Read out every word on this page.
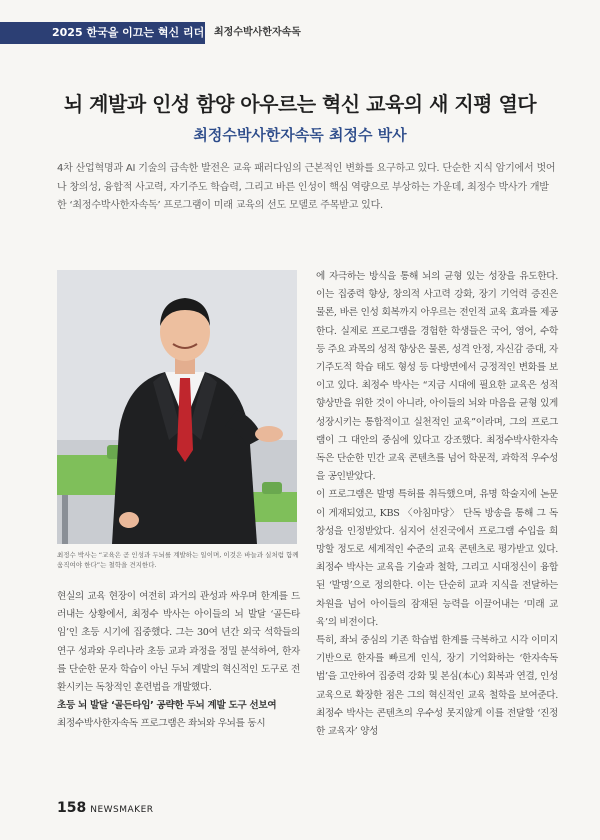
2025 한국을 이끄는 혁신 리더 최정수박사한자속독
뇌 계발과 인성 함양 아우르는 혁신 교육의 새 지평 열다
최정수박사한자속독 최정수 박사

4차 산업혁명과 AI 기술의 급속한 발전은 교육 패러다임의 근본적인 변화를 요구하고 있다. 단순한 지식 암기에서 벗어나 창의성, 융합적 사고력, 자기주도 학습력, 그리고 바른 인성이 핵심 역량으로 부상하는 가운데, 최정수 박사가 개발한 ‘최정수박사한자속독’ 프로그램이 미래 교육의 선도 모델로 주목받고 있다.

최정수 박사는 “교육은 곧 인성과 두뇌를 계발하는 일이며, 이것은 바늘과 실처럼 함께 움직여야 한다”는 철학을 견지한다.

현실의 교육 현장이 여전히 과거의 관성과 싸우며 한계를 드러내는 상황에서, 최정수 박사는 아이들의 뇌 발달 ‘골든타임’인 초등 시기에 집중했다. 그는 30여 년간 외국 석학들의 연구 성과와 우리나라 초등 교과 과정을 정밀 분석하여, 한자를 단순한 문자 학습이 아닌 두뇌 계발의 혁신적인 도구로 전환시키는 독창적인 훈련법을 개발했다.

초등 뇌 발달 ‘골든타임’ 공략한 두뇌 계발 도구 선보여

최정수박사한자속독 프로그램은 좌뇌와 우뇌를 동시

에 자극하는 방식을 통해 뇌의 균형 있는 성장을 유도한다. 이는 집중력 향상, 창의적 사고력 강화, 장기 기억력 증진은 물론, 바른 인성 회복까지 아우르는 전인적 교육 효과를 제공한다. 실제로 프로그램을 경험한 학생들은 국어, 영어, 수학 등 주요 과목의 성적 향상은 물론, 성격 안정, 자신감 증대, 자기주도적 학습 태도 형성 등 다방면에서 긍정적인 변화를 보이고 있다. 최정수 박사는 “지금 시대에 필요한 교육은 성적 향상만을 위한 것이 아니라, 아이들의 뇌와 마음을 균형 있게 성장시키는 통합적이고 실천적인 교육”이라며, 그의 프로그램이 그 대안의 중심에 있다고 강조했다. 최정수박사한자속독은 단순한 민간 교육 콘텐츠를 넘어 학문적, 과학적 우수성을 공인받았다.

이 프로그램은 발명 특허를 취득했으며, 유명 학술지에 논문이 게재되었고, KBS 〈아침마당〉 단독 방송을 통해 그 독창성을 인정받았다. 심지어 선진국에서 프로그램 수입을 희망할 정도로 세계적인 수준의 교육 콘텐츠로 평가받고 있다. 최정수 박사는 교육을 기술과 철학, 그리고 시대정신이 융합된 ‘발명’으로 정의한다. 이는 단순히 교과 지식을 전달하는 차원을 넘어 아이들의 잠재된 능력을 이끌어내는 ‘미래 교육’의 비전이다.

특히, 좌뇌 중심의 기존 학습법 한계를 극복하고 시각 이미지 기반으로 한자를 빠르게 인식, 장기 기억화하는 ‘한자속독법’을 고안하여 집중력 강화 및 본심(本心) 회복과 연결, 인성 교육으로 확장한 점은 그의 혁신적인 교육 철학을 보여준다. 최정수 박사는 콘텐츠의 우수성 못지않게 이를 전달할 ‘진정한 교육자’ 양성

158 NEWSMAKER
